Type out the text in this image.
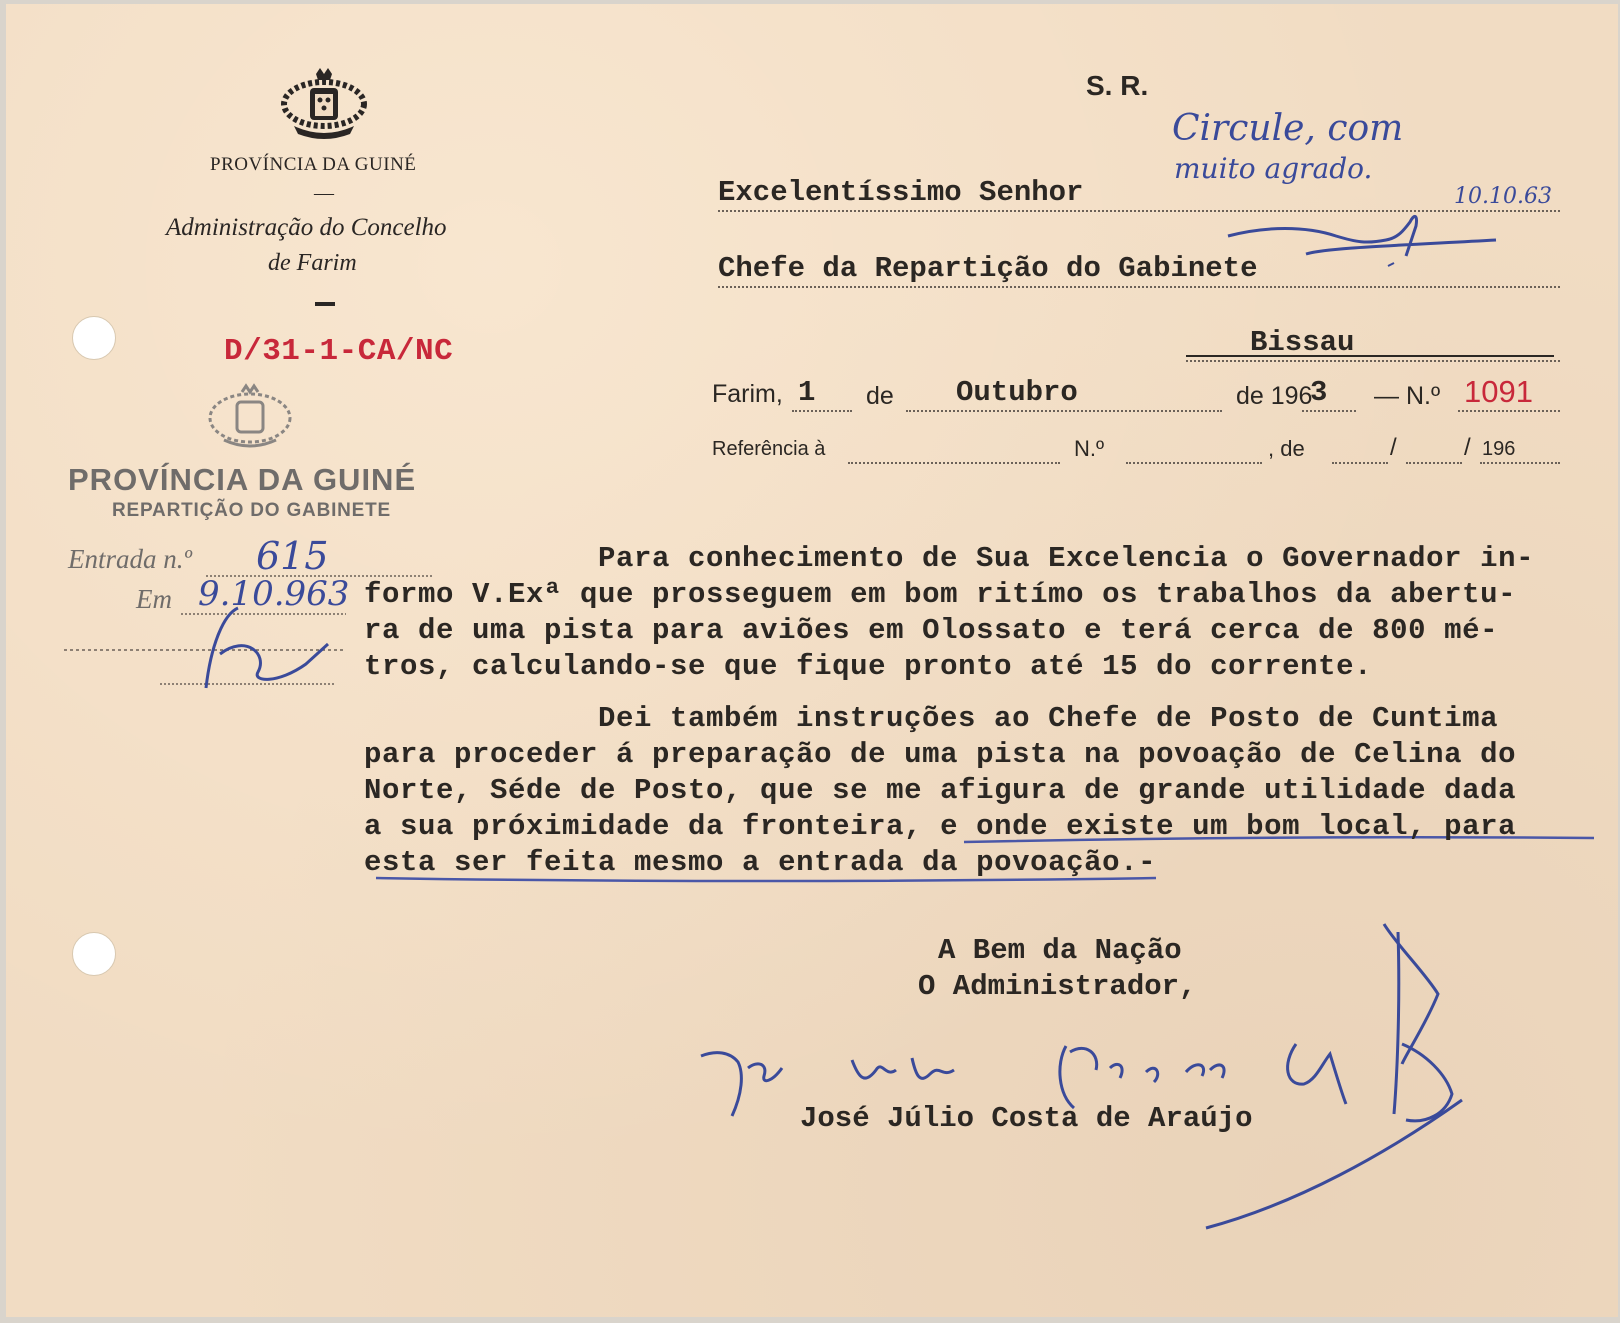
PROVÍNCIA DA GUINÉ
—
Administração do Concelho
de Farim
D/31-1-CA/NC
PROVÍNCIA DA GUINÉ
REPARTIÇÃO DO GABINETE
Entrada n.º 615
Em 9.10.963
S. R.
Circule, com
muito agrado.
10.10.63
Excelentíssimo Senhor
Chefe da Repartição do Gabinete
Bissau
Farim, 1 de Outubro	de 196
3 — N.º 1091
Referência à	N.º	, de	/	/ 196
Para conhecimento de Sua Excelencia o Governador in-
formo V.Exª que prosseguem em bom ritímo os trabalhos da abertu-
ra de uma pista para aviões em Olossato e terá cerca de 800 mé-
tros, calculando-se que fique pronto até 15 do corrente.
Dei também instruções ao Chefe de Posto de Cuntima
para proceder á preparação de uma pista na povoação de Celina do
Norte, Séde de Posto, que se me afigura de grande utilidade dada
a sua próximidade da fronteira, e onde existe um bom local, para
esta ser feita mesmo a entrada da povoação.-
A Bem da Nação
O Administrador,
José Júlio Costa de Araújo
